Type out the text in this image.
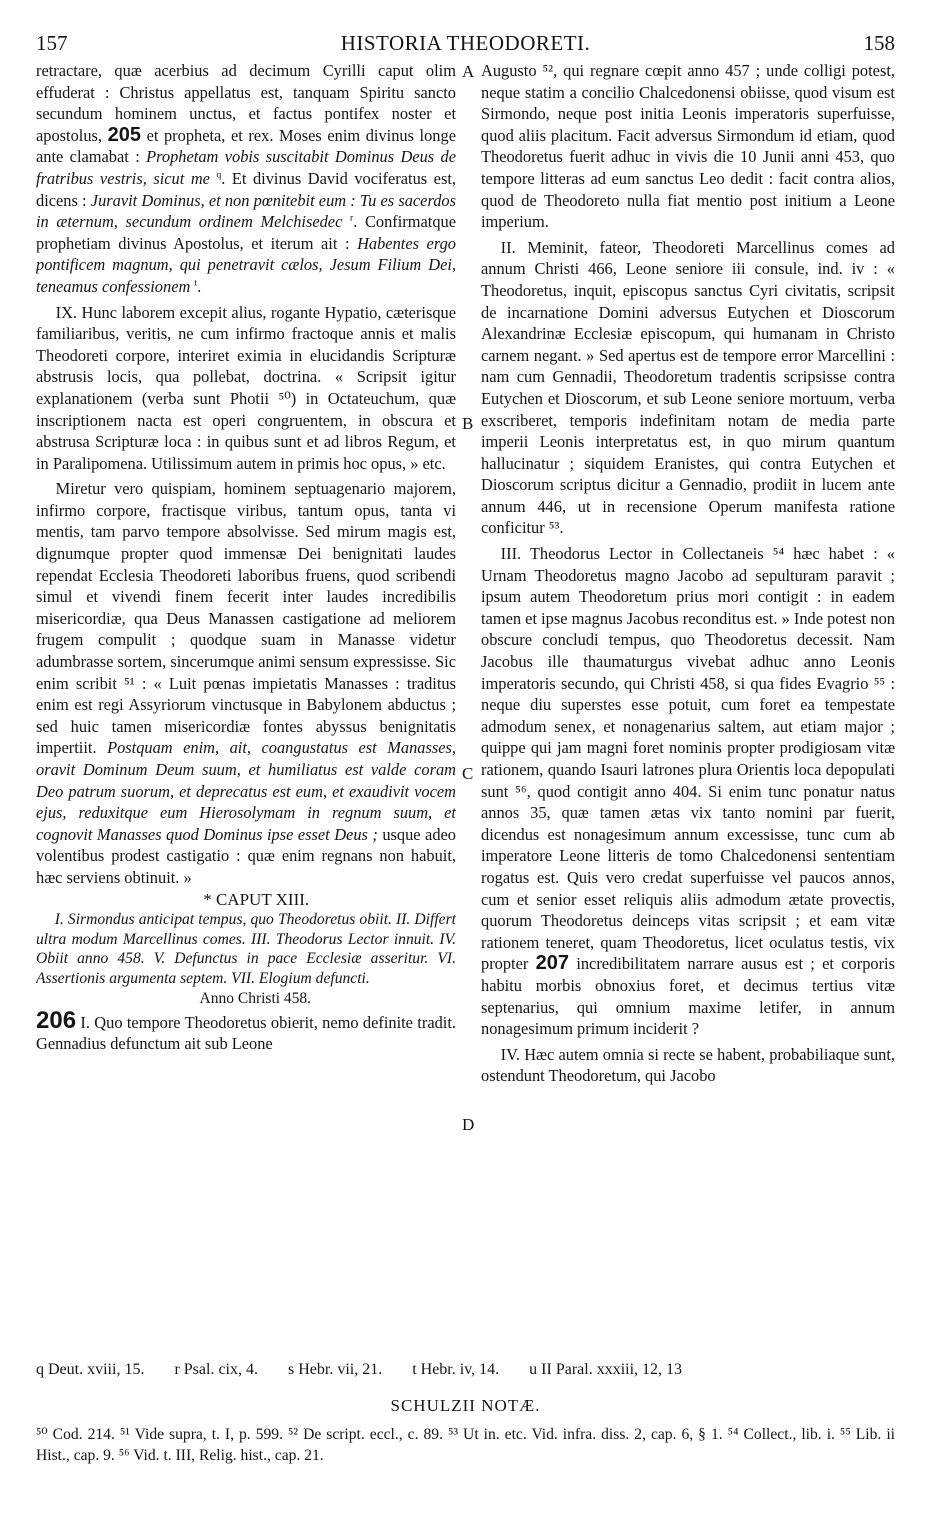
157	HISTORIA THEODORETI.	158
A
B
C
D

retractare, quæ acerbius ad decimum Cyrilli caput olim effuderat : Christus appellatus est, tanquam Spiritu sancto secundum hominem unctus, et factus pontifex noster et apostolus, 205 et propheta, et rex. Moses enim divinus longe ante clamabat : Prophetam vobis suscitabit Dominus Deus de fratribus vestris, sicut me $^q$. Et divinus David vociferatus est, dicens : Juravit Dominus, et non pœnitebit eum : Tu es sacerdos in æternum, secundum ordinem Melchisedec $^r$. Confirmatque prophetiam divinus Apostolus, et iterum ait : Habentes ergo pontificem magnum, qui penetravit cælos, Jesum Filium Dei, teneamus confessionem $^t$.

IX. Hunc laborem excepit alius, rogante Hypatio, cæterisque familiaribus, veritis, ne cum infirmo fractoque annis et malis Theodoreti corpore, interiret eximia in elucidandis Scripturæ abstrusis locis, qua pollebat, doctrina. « Scripsit igitur explanationem (verba sunt Photii ⁵⁰) in Octateuchum, quæ inscriptionem nacta est operi congruentem, in obscura et abstrusa Scripturæ loca : in quibus sunt et ad libros Regum, et in Paralipomena. Utilissimum autem in primis hoc opus, » etc.

Miretur vero quispiam, hominem septuagenario majorem, infirmo corpore, fractisque viribus, tantum opus, tanta vi mentis, tam parvo tempore absolvisse. Sed mirum magis est, dignumque propter quod immensæ Dei benignitati laudes rependat Ecclesia Theodoreti laboribus fruens, quod scribendi simul et vivendi finem fecerit inter laudes incredibilis misericordiæ, qua Deus Manassen castigatione ad meliorem frugem compulit ; quodque suam in Manasse videtur adumbrasse sortem, sincerumque animi sensum expressisse. Sic enim scribit ⁵¹ : « Luit pœnas impietatis Manasses : traditus enim est regi Assyriorum vinctusque in Babylonem abductus ; sed huic tamen misericordiæ fontes abyssus benignitatis impertiit. Postquam enim, ait, coangustatus est Manasses, oravit Dominum Deum suum, et humiliatus est valde coram Deo patrum suorum, et deprecatus est eum, et exaudivit vocem ejus, reduxitque eum Hierosolymam in regnum suum, et cognovit Manasses quod Dominus ipse esset Deus ; usque adeo volentibus prodest castigatio : quæ enim regnans non habuit, hæc serviens obtinuit. »

* CAPUT XIII.

I. Sirmondus anticipat tempus, quo Theodoretus obiit. II. Differt ultra modum Marcellinus comes. III. Theodorus Lector innuit. IV. Obiit anno 458. V. Defunctus in pace Ecclesiæ asseritur. VI. Assertionis argumenta septem. VII. Elogium defuncti.

Anno Christi 458.

206 I. Quo tempore Theodoretus obierit, nemo definite tradit. Gennadius defunctum ait sub Leone

Augusto ⁵², qui regnare cœpit anno 457 ; unde colligi potest, neque statim a concilio Chalcedonensi obiisse, quod visum est Sirmondo, neque post initia Leonis imperatoris superfuisse, quod aliis placitum. Facit adversus Sirmondum id etiam, quod Theodoretus fuerit adhuc in vivis die 10 Junii anni 453, quo tempore litteras ad eum sanctus Leo dedit : facit contra alios, quod de Theodoreto nulla fiat mentio post initium a Leone imperium.

II. Meminit, fateor, Theodoreti Marcellinus comes ad annum Christi 466, Leone seniore iii consule, ind. iv : « Theodoretus, inquit, episcopus sanctus Cyri civitatis, scripsit de incarnatione Domini adversus Eutychen et Dioscorum Alexandrinæ Ecclesiæ episcopum, qui humanam in Christo carnem negant. » Sed apertus est de tempore error Marcellini : nam cum Gennadii, Theodoretum tradentis scripsisse contra Eutychen et Dioscorum, et sub Leone seniore mortuum, verba exscriberet, temporis indefinitam notam de media parte imperii Leonis interpretatus est, in quo mirum quantum hallucinatur ; siquidem Eranistes, qui contra Eutychen et Dioscorum scriptus dicitur a Gennadio, prodiit in lucem ante annum 446, ut in recensione Operum manifesta ratione conficitur ⁵³.

III. Theodorus Lector in Collectaneis ⁵⁴ hæc habet : « Urnam Theodoretus magno Jacobo ad sepulturam paravit ; ipsum autem Theodoretum prius mori contigit : in eadem tamen et ipse magnus Jacobus reconditus est. » Inde potest non obscure concludi tempus, quo Theodoretus decessit. Nam Jacobus ille thaumaturgus vivebat adhuc anno Leonis imperatoris secundo, qui Christi 458, si qua fides Evagrio ⁵⁵ : neque diu superstes esse potuit, cum foret ea tempestate admodum senex, et nonagenarius saltem, aut etiam major ; quippe qui jam magni foret nominis propter prodigiosam vitæ rationem, quando Isauri latrones plura Orientis loca depopulati sunt ⁵⁶, quod contigit anno 404. Si enim tunc ponatur natus annos 35, quæ tamen ætas vix tanto nomini par fuerit, dicendus est nonagesimum annum excessisse, tunc cum ab imperatore Leone litteris de tomo Chalcedonensi sententiam rogatus est. Quis vero credat superfuisse vel paucos annos, cum et senior esset reliquis aliis admodum ætate provectis, quorum Theodoretus deinceps vitas scripsit ; et eam vitæ rationem teneret, quam Theodoretus, licet oculatus testis, vix propter 207 incredibilitatem narrare ausus est ; et corporis habitu morbis obnoxius foret, et decimus tertius vitæ septenarius, qui omnium maxime letifer, in annum nonagesimum primum inciderit ?

IV. Hæc autem omnia si recte se habent, probabiliaque sunt, ostendunt Theodoretum, qui Jacobo

q Deut. xviii, 15. r Psal. cix, 4. s Hebr. vii, 21. t Hebr. iv, 14. u II Paral. xxxiii, 12, 13
SCHULZII NOTÆ.
⁵⁰ Cod. 214. ⁵¹ Vide supra, t. I, p. 599. ⁵² De script. eccl., c. 89. ⁵³ Ut in. etc. Vid. infra. diss. 2, cap. 6, § 1. ⁵⁴ Collect., lib. i. ⁵⁵ Lib. ii Hist., cap. 9. ⁵⁶ Vid. t. III, Relig. hist., cap. 21.
